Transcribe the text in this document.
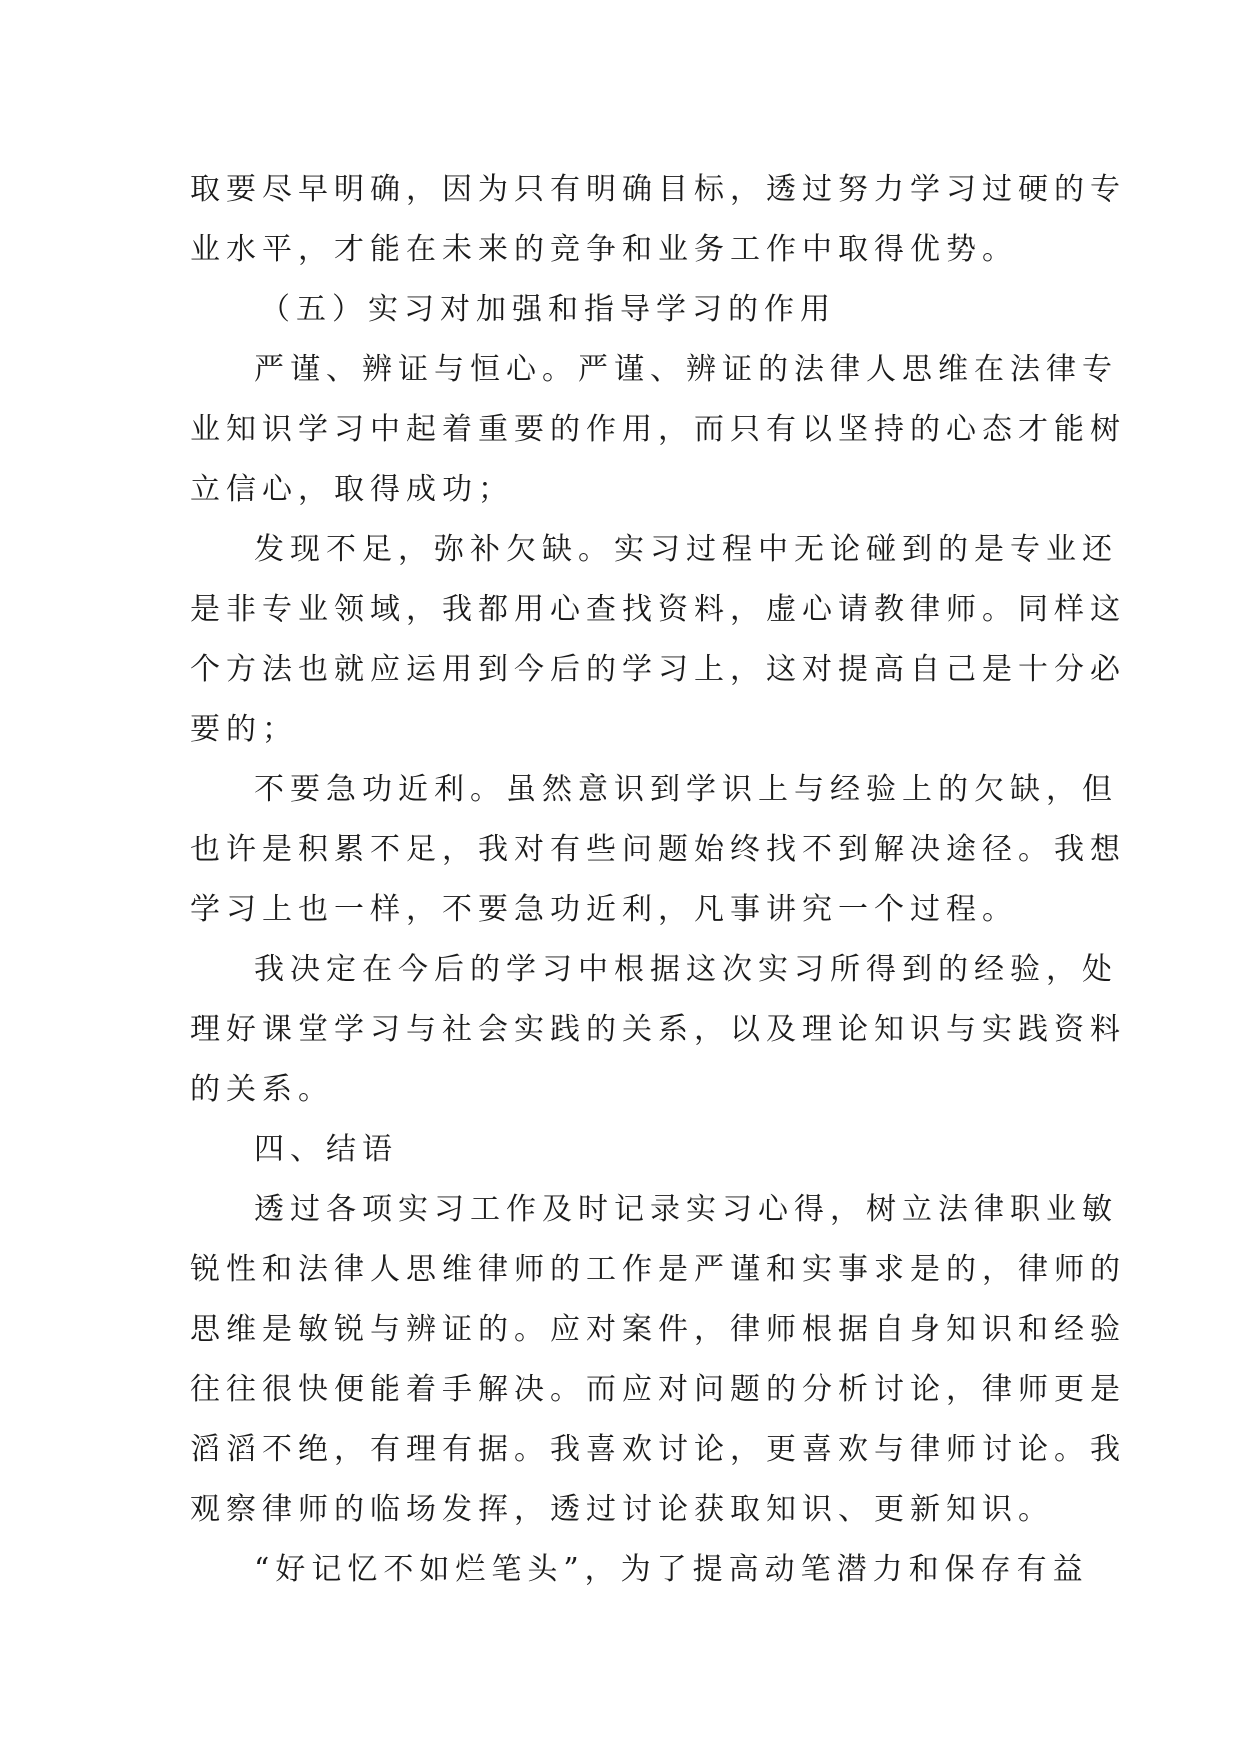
取要尽早明确，因为只有明确目标，透过努力学习过硬的专

业水平，才能在未来的竞争和业务工作中取得优势。

（五）实习对加强和指导学习的作用

严谨、辨证与恒心。严谨、辨证的法律人思维在法律专

业知识学习中起着重要的作用，而只有以坚持的心态才能树

立信心，取得成功；

发现不足，弥补欠缺。实习过程中无论碰到的是专业还

是非专业领域，我都用心查找资料，虚心请教律师。同样这

个方法也就应运用到今后的学习上，这对提高自己是十分必

要的；

不要急功近利。虽然意识到学识上与经验上的欠缺，但

也许是积累不足，我对有些问题始终找不到解决途径。我想

学习上也一样，不要急功近利，凡事讲究一个过程。

我决定在今后的学习中根据这次实习所得到的经验，处

理好课堂学习与社会实践的关系，以及理论知识与实践资料

的关系。

四、结语

透过各项实习工作及时记录实习心得，树立法律职业敏

锐性和法律人思维律师的工作是严谨和实事求是的，律师的

思维是敏锐与辨证的。应对案件，律师根据自身知识和经验

往往很快便能着手解决。而应对问题的分析讨论，律师更是

滔滔不绝，有理有据。我喜欢讨论，更喜欢与律师讨论。我

观察律师的临场发挥，透过讨论获取知识、更新知识。

“好记忆不如烂笔头”，为了提高动笔潜力和保存有益
